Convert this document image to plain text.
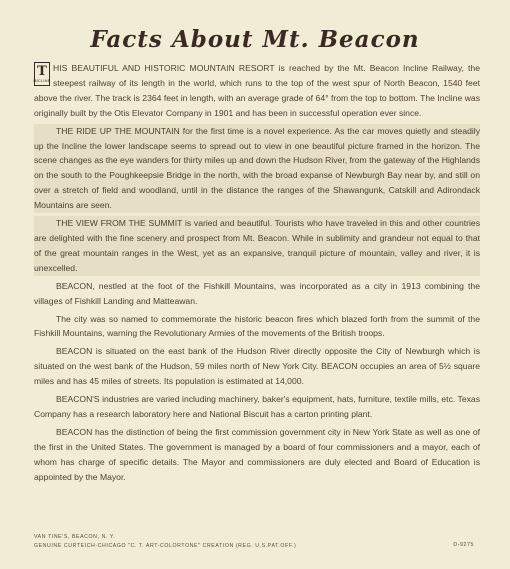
Facts About Mt. Beacon

T
INCLINE
HIS BEAUTIFUL AND HISTORIC MOUNTAIN RESORT is reached by the Mt. Beacon Incline Railway, the steepest railway of its length in the world, which runs to the top of the west spur of North Beacon, 1540 feet above the river. The track is 2364 feet in length, with an average grade of 64° from the top to bottom. The Incline was originally built by the Otis Elevator Company in 1901 and has been in successful operation ever since.

THE RIDE UP THE MOUNTAIN for the first time is a novel experience. As the car moves quietly and steadily up the Incline the lower landscape seems to spread out to view in one beautiful picture framed in the horizon. The scene changes as the eye wanders for thirty miles up and down the Hudson River, from the gateway of the Highlands on the south to the Poughkeepsie Bridge in the north, with the broad expanse of Newburgh Bay near by, and still on over a stretch of field and woodland, until in the distance the ranges of the Shawangunk, Catskill and Adirondack Mountains are seen.

THE VIEW FROM THE SUMMIT is varied and beautiful. Tourists who have traveled in this and other countries are delighted with the fine scenery and prospect from Mt. Beacon. While in sublimity and grandeur not equal to that of the great mountain ranges in the West, yet as an expansive, tranquil picture of mountain, valley and river, it is unexcelled.

BEACON, nestled at the foot of the Fishkill Mountains, was incorporated as a city in 1913 combining the villages of Fishkill Landing and Matteawan.

The city was so named to commemorate the historic beacon fires which blazed forth from the summit of the Fishkill Mountains, warning the Revolutionary Armies of the movements of the British troops.

BEACON is situated on the east bank of the Hudson River directly opposite the City of Newburgh which is situated on the west bank of the Hudson, 59 miles north of New York City. BEACON occupies an area of 5½ square miles and has 45 miles of streets. Its population is estimated at 14,000.

BEACON'S industries are varied including machinery, baker's equipment, hats, furniture, textile mills, etc. Texas Company has a research laboratory here and National Biscuit has a carton printing plant.

BEACON has the distinction of being the first commission government city in New York State as well as one of the first in the United States. The government is managed by a board of four commissioners and a mayor, each of whom has charge of specific details. The Mayor and commissioners are duly elected and Board of Education is appointed by the Mayor.

VAN TINE'S, BEACON, N. Y.
GENUINE CURTEICH-CHICAGO "C. T. ART-COLORTONE" CREATION (REG. U.S.PAT.OFF.)	D-9275
